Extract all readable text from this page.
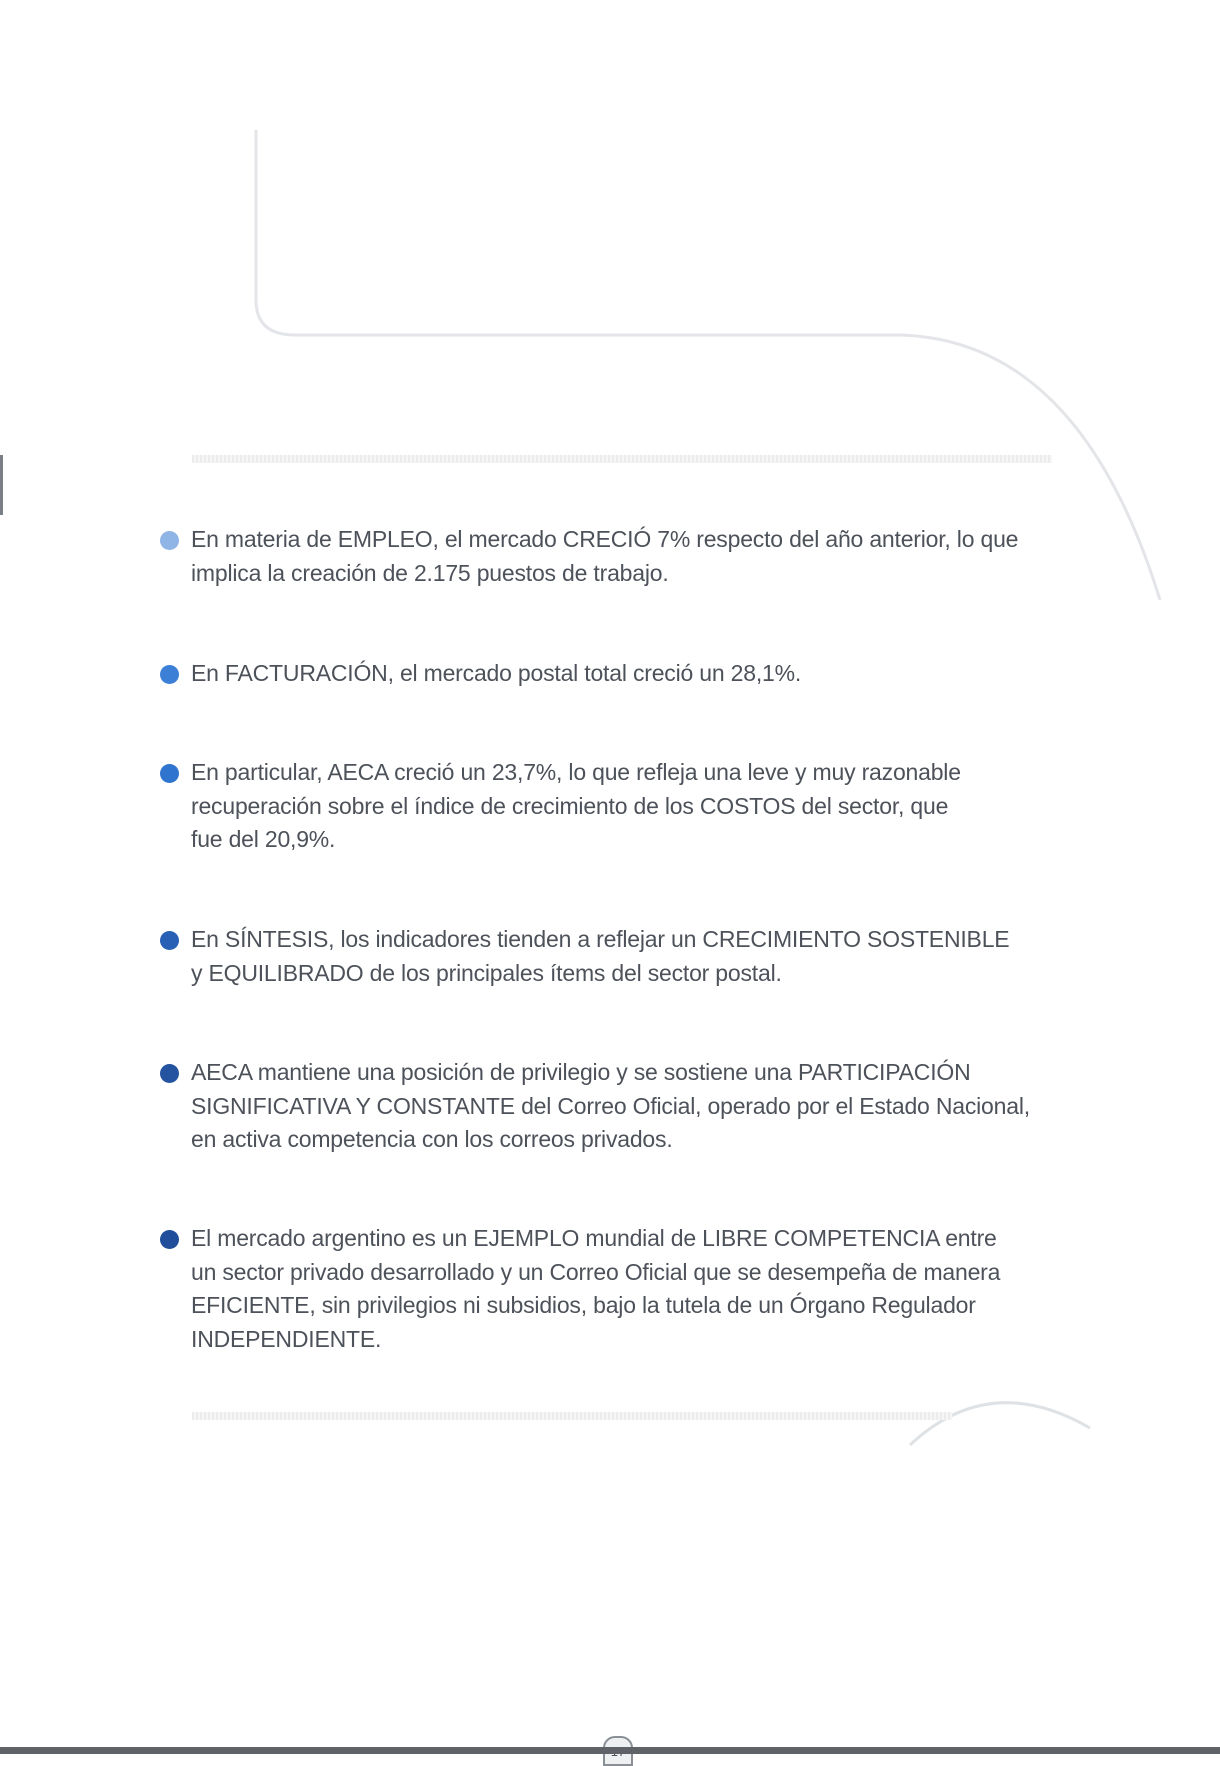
En materia de EMPLEO, el mercado CRECIÓ 7% respecto del año anterior, lo que
implica la creación de 2.175 puestos de trabajo.
En FACTURACIÓN, el mercado postal total creció un 28,1%.
En particular, AECA creció un 23,7%, lo que refleja una leve y muy razonable
recuperación sobre el índice de crecimiento de los COSTOS del sector, que
fue del 20,9%.
En SÍNTESIS, los indicadores tienden a reflejar un CRECIMIENTO SOSTENIBLE
y EQUILIBRADO de los principales ítems del sector postal.
AECA mantiene una posición de privilegio y se sostiene una PARTICIPACIÓN
SIGNIFICATIVA Y CONSTANTE del Correo Oficial, operado por el Estado Nacional,
en activa competencia con los correos privados.
El mercado argentino es un EJEMPLO mundial de LIBRE COMPETENCIA entre
un sector privado desarrollado y un Correo Oficial que se desempeña de manera
EFICIENTE, sin privilegios ni subsidios, bajo la tutela de un Órgano Regulador
INDEPENDIENTE.
